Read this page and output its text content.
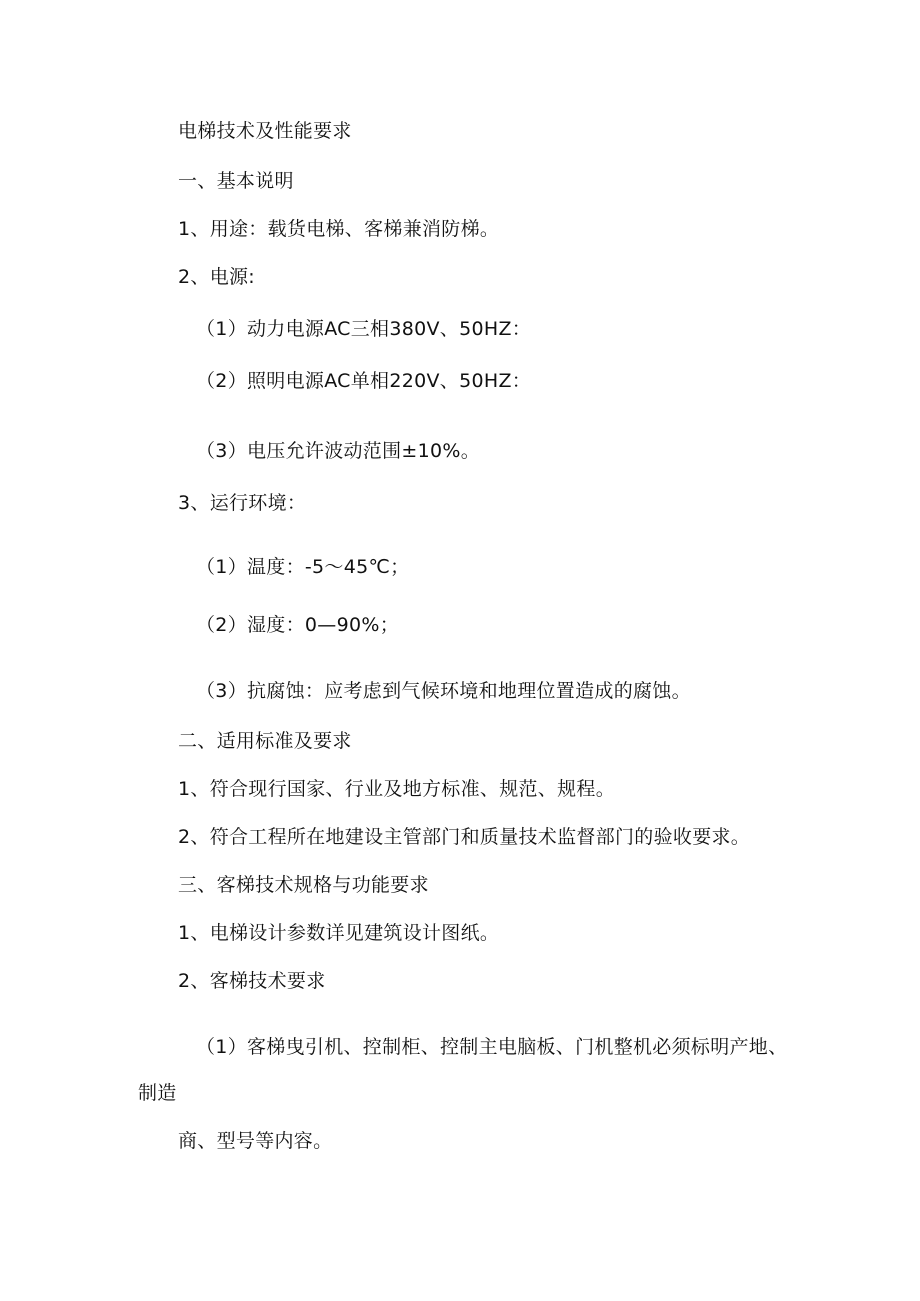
电梯技术及性能要求
一、基本说明
1、用途：载货电梯、客梯兼消防梯。
2、电源:
（1）动力电源AC三相380V、50HZ：
（2）照明电源AC单相220V、50HZ：
（3）电压允许波动范围±10%。
3、运行环境：
（1）温度：-5～45℃；
（2）湿度：0—90%；
（3）抗腐蚀：应考虑到气候环境和地理位置造成的腐蚀。
二、适用标准及要求
1、符合现行国家、行业及地方标准、规范、规程。
2、符合工程所在地建设主管部门和质量技术监督部门的验收要求。
三、客梯技术规格与功能要求
1、电梯设计参数详见建筑设计图纸。
2、客梯技术要求
（1）客梯曳引机、控制柜、控制主电脑板、门机整机必须标明产地、
制造
商、型号等内容。
